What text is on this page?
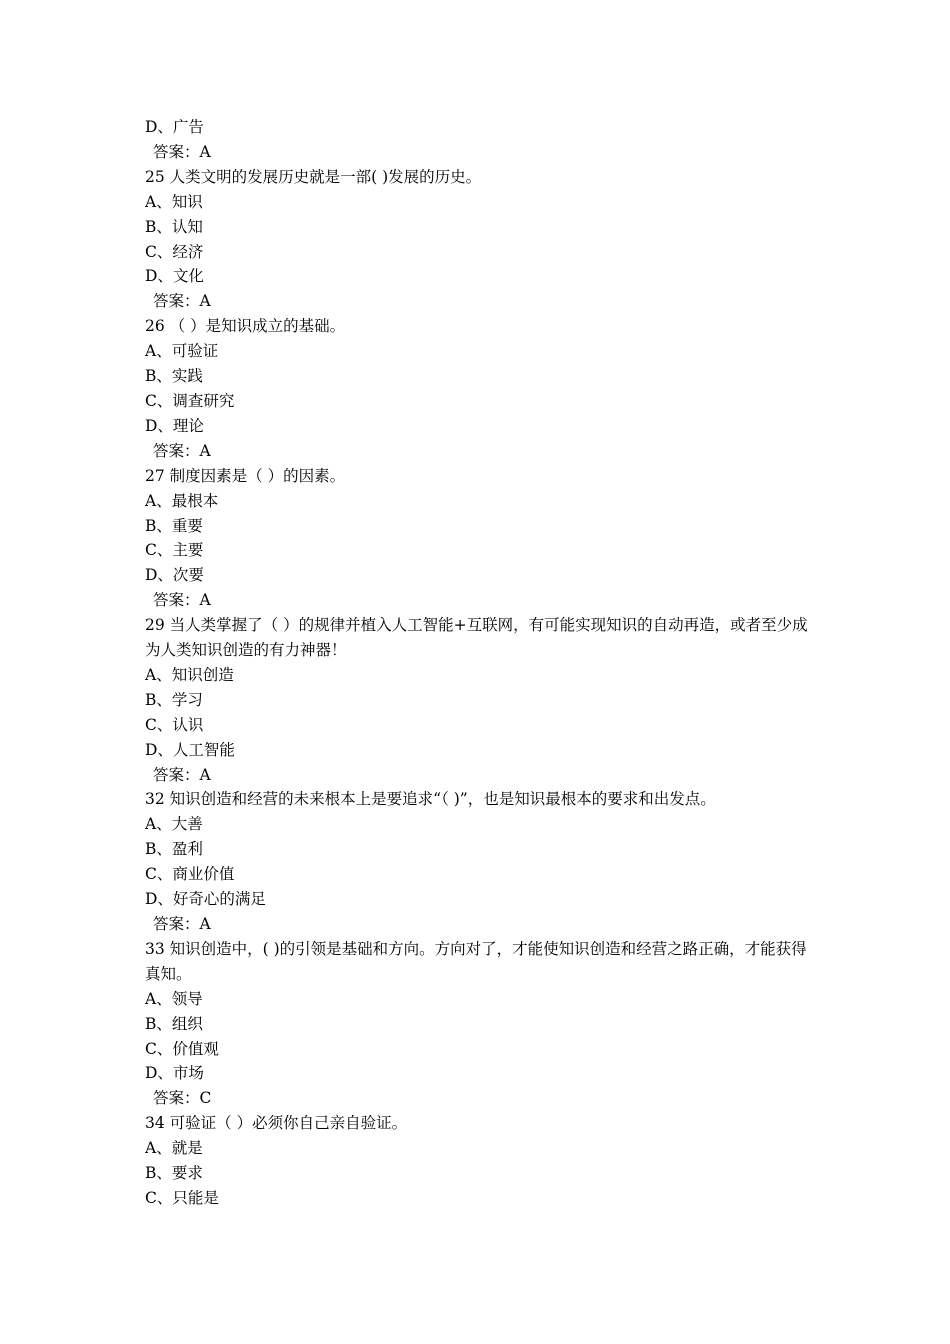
D、广告
答案：A
25 人类文明的发展历史就是一部( )发展的历史。
A、知识
B、认知
C、经济
D、文化
答案：A
26 （ ）是知识成立的基础。
A、可验证
B、实践
C、调查研究
D、理论
答案：A
27 制度因素是（ ）的因素。
A、最根本
B、重要
C、主要
D、次要
答案：A
29 当人类掌握了（ ）的规律并植入人工智能+互联网，有可能实现知识的自动再造，或者至少成为人类知识创造的有力神器！
A、知识创造
B、学习
C、认识
D、人工智能
答案：A
32 知识创造和经营的未来根本上是要追求“（ )”，也是知识最根本的要求和出发点。
A、大善
B、盈利
C、商业价值
D、好奇心的满足
答案：A
33 知识创造中，( )的引领是基础和方向。方向对了，才能使知识创造和经营之路正确，才能获得真知。
A、领导
B、组织
C、价值观
D、市场
答案：C
34 可验证（ ）必须你自己亲自验证。
A、就是
B、要求
C、只能是
